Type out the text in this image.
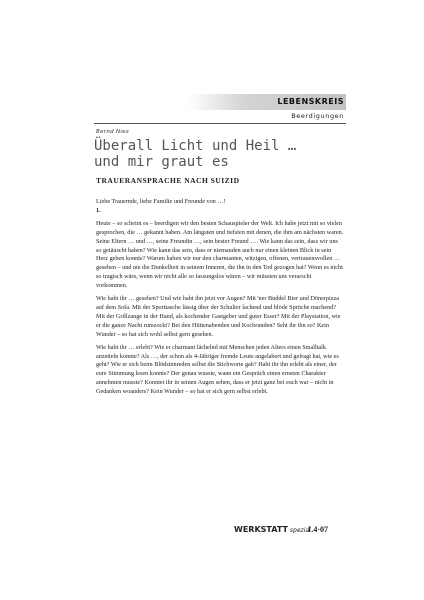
LEBENSKREIS
Beerdigungen
Bernd Nies
Überall Licht und Heil …
und mir graut es
TRAUERANSPRACHE NACH SUIZID

Liebe Trauernde, liebe Familie und Freunde von …!
1.

Heute – so scheint es – beerdigen wir den besten Schauspieler der Welt. Ich habe jetzt mit so vielen gesprochen, die … gekannt haben. Am längsten und tiefsten mit denen, die ihm am nächsten waren. Seine Eltern … und …, seine Freundin …, sein bester Freund …. Wie kann das sein, dass wir uns so getäuscht haben? Wie kann das sein, dass er niemanden auch nur einen kleinen Blick in sein Herz geben konnte? Warum haben wir nur den charmanten, witzigen, offenen, vertrauensvollen … gesehen – und nie die Dunkelheit in seinem Inneren, die ihn in den Tod gezogen hat? Wenn es nicht so tragisch wäre, wenn wir nicht alle so fassungslos wären – wir müssten uns verarscht vorkommen.

Wie habt ihr … gesehen? Und wie habt ihn jetzt vor Augen? Mit 'ner Buddel Bier und Dönerpizza auf dem Sofa. Mit der Sporttasche lässig über der Schulter lachend und blöde Sprüche machend? Mit der Grillzange in der Hand, als kochender Gastgeber und guter Esser? Mit der Playstation, wie er die ganze Nacht rumzockt? Bei den Hüttenabenden und Kochrunden? Seht ihr ihn so? Kein Wunder – so hat sich wohl selbst gern gesehen.

Wie habt ihr … erlebt? Wie er charmant lächelnd mit Menschen jeden Alters einen Smalltalk anzetteln konnte? Als …, der schon als 4-Jähriger fremde Leute angelabert und gefragt hat, wie es geht? Wie er sich beim Blödsinnreden selbst die Stichworte gab? Habt ihr ihn erlebt als einer, der eure Stimmung lesen konnte? Der genau wusste, wann ein Gespräch einen ernsten Charakter annehmen musste? Konntet ihr in seinen Augen sehen, dass er jetzt ganz bei euch war – nicht in Gedanken woanders? Kein Wunder – so hat er sich gern selbst erlebt.

WERKSTATT spezial
L4·07
